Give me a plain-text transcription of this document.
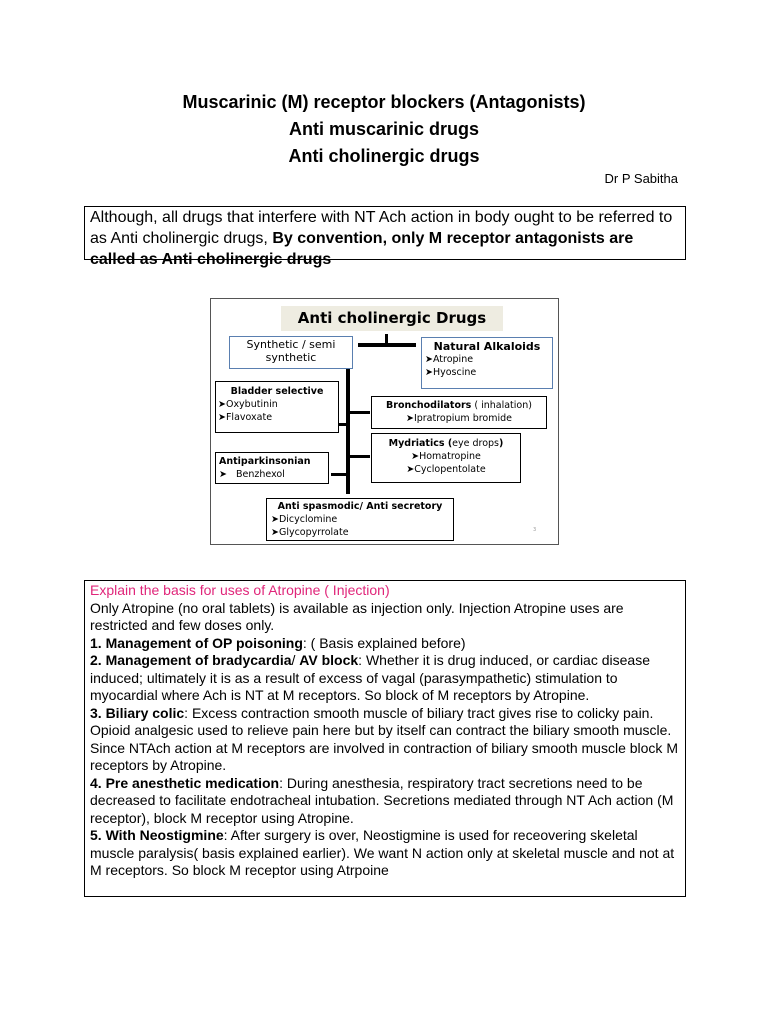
Muscarinic (M) receptor blockers (Antagonists)
Anti muscarinic drugs
Anti cholinergic drugs
Dr P Sabitha
Although, all drugs that interfere with NT Ach action in body ought to be referred to as Anti cholinergic drugs, By convention, only M receptor antagonists are called as Anti cholinergic drugs
Anti cholinergic Drugs
Synthetic / semi synthetic
Natural Alkaloids
➤Atropine
➤Hyoscine
Bladder selective
➤Oxybutinin
➤Flavoxate
Bronchodilators ( inhalation)
➤Ipratropium bromide
Mydriatics (eye drops)
➤Homatropine
➤Cyclopentolate
Antiparkinsonian
➤   Benzhexol
Anti spasmodic/ Anti secretory
➤Dicyclomine
➤Glycopyrrolate	3
Explain the basis for uses of Atropine ( Injection)
Only Atropine (no oral tablets) is available as injection only. Injection Atropine uses are restricted and few doses only.
1. Management of OP poisoning: ( Basis explained before)
2. Management of bradycardia/ AV block: Whether it is drug induced, or cardiac disease induced; ultimately it is as a result of excess of vagal (parasympathetic) stimulation to myocardial where Ach is NT at M receptors. So block of M receptors by Atropine.
3. Biliary colic: Excess contraction smooth muscle of biliary tract gives rise to colicky pain. Opioid analgesic used to relieve pain here but by itself can contract the biliary smooth muscle. Since NTAch action at M receptors are involved in contraction of biliary smooth muscle block M receptors by Atropine.
4. Pre anesthetic medication: During anesthesia, respiratory tract secretions need to be decreased to facilitate endotracheal intubation. Secretions mediated through NT Ach action (M receptor), block M receptor using Atropine.
5. With Neostigmine: After surgery is over, Neostigmine is used for receovering skeletal muscle paralysis( basis explained earlier). We want N action only at skeletal muscle and not at M receptors. So block M receptor using Atrpoine
